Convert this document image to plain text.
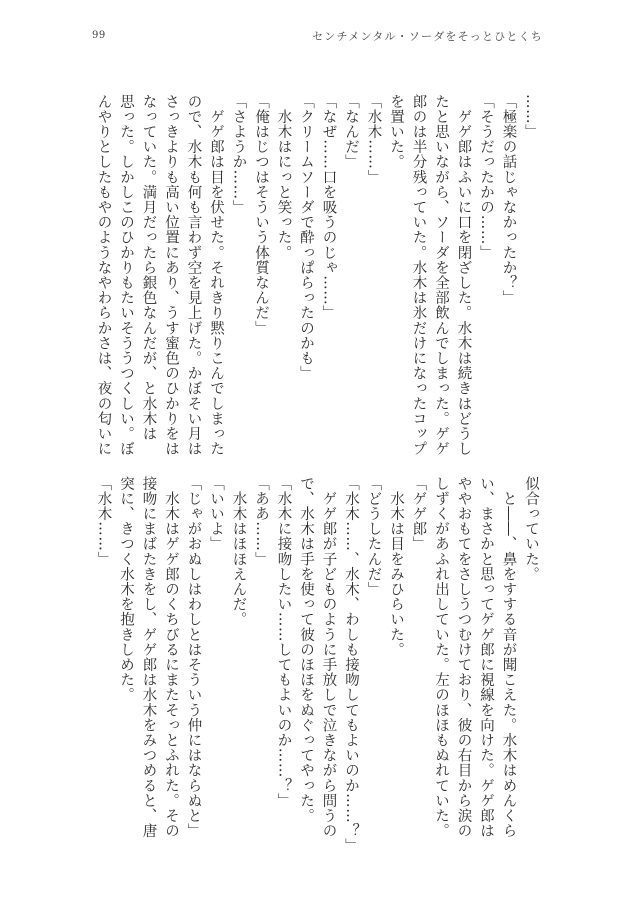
99	センチメンタル・ソーダをそっとひとくち
……」
「極楽の話じゃなかったか？」
「そうだったかの……」
　ゲゲ郎はふいに口を閉ざした。水木は続きはどうし
たと思いながら、ソーダを全部飲んでしまった。ゲゲ
郎のは半分残っていた。水木は氷だけになったコップ
を置いた。
「水木……」
「なんだ」
「なぜ……口を吸うのじゃ……」
「クリームソーダで酔っぱらったのかも」
　水木はにっと笑った。
「俺はじつはそういう体質なんだ」
「さようか……」
　ゲゲ郎は目を伏せた。それきり黙りこんでしまった
ので、水木も何も言わず空を見上げた。かぼそい月は
さっきよりも高い位置にあり、うす蜜色のひかりをは
なっていた。満月だったら銀色なんだが、と水木は
思った。しかしこのひかりもたいそううつくしい。ぼ
んやりとしたもやのようなやわらかさは、夜の匂いに
似合っていた。
　と――、鼻をすする音が聞こえた。水木はめんくら
い、まさかと思ってゲゲ郎に視線を向けた。ゲゲ郎は
ややおもてをさしうつむけており、彼の右目から涙の
しずくがあふれ出していた。左のほほもぬれていた。
「ゲゲ郎」
　水木は目をみひらいた。
「どうしたんだ」
「水木……、水木、わしも接吻してもよいのか……？」
　ゲゲ郎が子どものように手放しで泣きながら問うの
で、水木は手を使って彼のほほをぬぐってやった。
「水木に接吻したい……してもよいのか……？」
「ああ……」
　水木はほほえんだ。
「いいよ」
「じゃがおぬしはわしとはそういう仲にはならぬと」
　水木はゲゲ郎のくちびるにまたそっとふれた。その
接吻にまばたきをし、ゲゲ郎は水木をみつめると、唐
突に、きつく水木を抱きしめた。
「水木……」
